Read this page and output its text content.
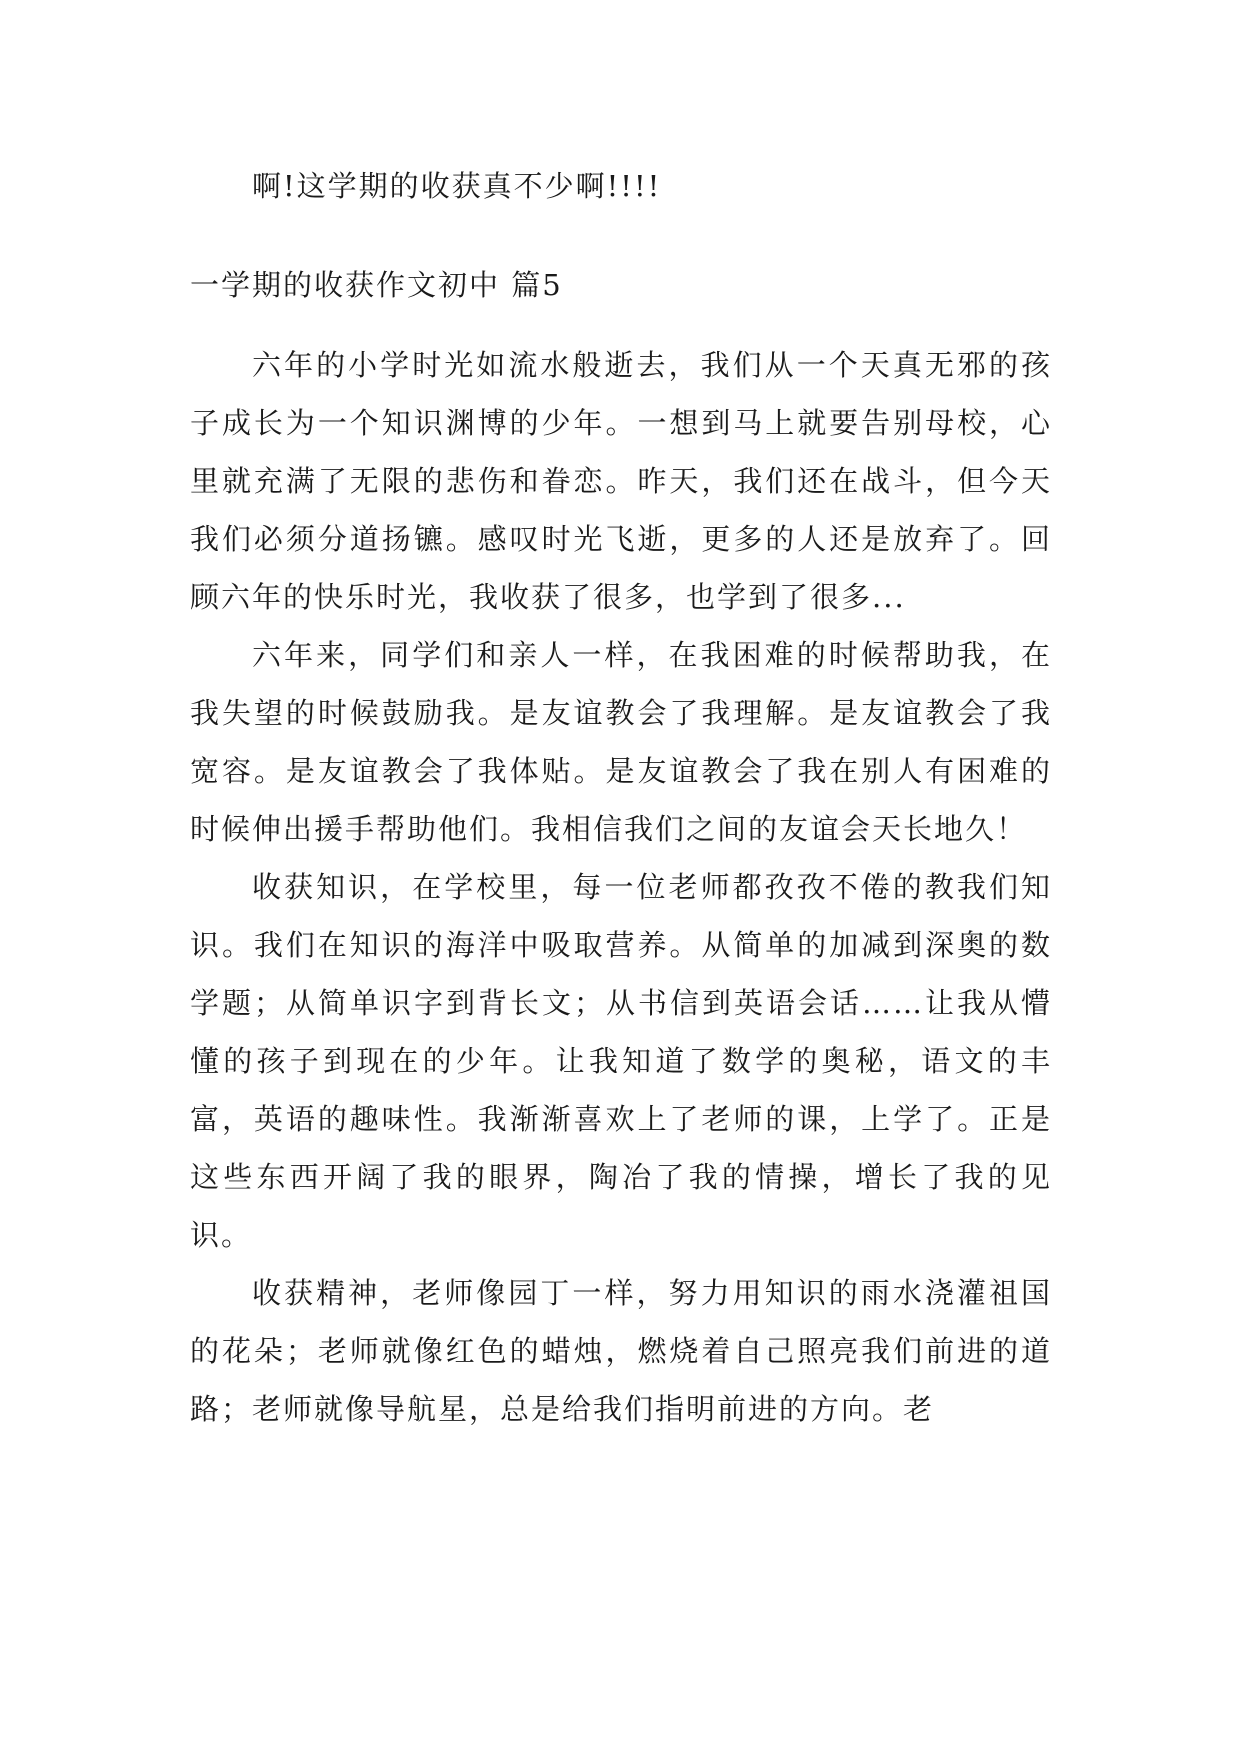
啊!这学期的收获真不少啊!!!!

一学期的收获作文初中 篇5

六年的小学时光如流水般逝去，我们从一个天真无邪的孩子成长为一个知识渊博的少年。一想到马上就要告别母校，心里就充满了无限的悲伤和眷恋。昨天，我们还在战斗，但今天我们必须分道扬镳。感叹时光飞逝，更多的人还是放弃了。回顾六年的快乐时光，我收获了很多，也学到了很多...

六年来，同学们和亲人一样，在我困难的时候帮助我，在我失望的时候鼓励我。是友谊教会了我理解。是友谊教会了我宽容。是友谊教会了我体贴。是友谊教会了我在别人有困难的时候伸出援手帮助他们。我相信我们之间的友谊会天长地久！

收获知识，在学校里，每一位老师都孜孜不倦的教我们知识。我们在知识的海洋中吸取营养。从简单的加减到深奥的数学题；从简单识字到背长文；从书信到英语会话……让我从懵懂的孩子到现在的少年。让我知道了数学的奥秘，语文的丰富，英语的趣味性。我渐渐喜欢上了老师的课，上学了。正是这些东西开阔了我的眼界，陶冶了我的情操，增长了我的见识。

收获精神，老师像园丁一样，努力用知识的雨水浇灌祖国的花朵；老师就像红色的蜡烛，燃烧着自己照亮我们前进的道路；老师就像导航星，总是给我们指明前进的方向。老
